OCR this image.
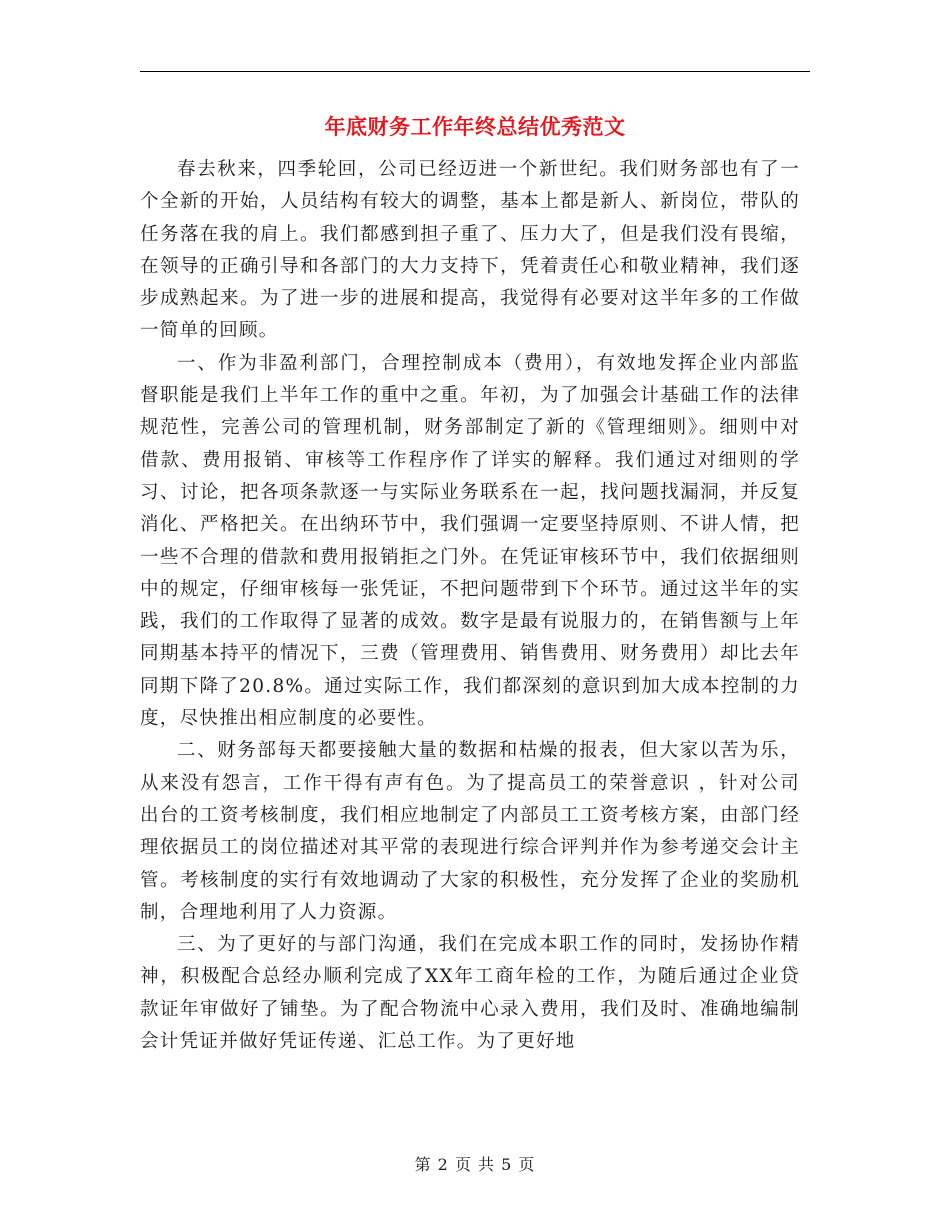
年底财务工作年终总结优秀范文

春去秋来，四季轮回，公司已经迈进一个新世纪。我们财务部也有了一个全新的开始，人员结构有较大的调整，基本上都是新人、新岗位，带队的任务落在我的肩上。我们都感到担子重了、压力大了，但是我们没有畏缩，在领导的正确引导和各部门的大力支持下，凭着责任心和敬业精神，我们逐步成熟起来。为了进一步的进展和提高，我觉得有必要对这半年多的工作做一简单的回顾。

一、作为非盈利部门，合理控制成本（费用），有效地发挥企业内部监督职能是我们上半年工作的重中之重。年初，为了加强会计基础工作的法律规范性，完善公司的管理机制，财务部制定了新的《管理细则》。细则中对借款、费用报销、审核等工作程序作了详实的解释。我们通过对细则的学习、讨论，把各项条款逐一与实际业务联系在一起，找问题找漏洞，并反复消化、严格把关。在出纳环节中，我们强调一定要坚持原则、不讲人情，把一些不合理的借款和费用报销拒之门外。在凭证审核环节中，我们依据细则中的规定，仔细审核每一张凭证，不把问题带到下个环节。通过这半年的实践，我们的工作取得了显著的成效。数字是最有说服力的，在销售额与上年同期基本持平的情况下，三费（管理费用、销售费用、财务费用）却比去年同期下降了20.8%。通过实际工作，我们都深刻的意识到加大成本控制的力度，尽快推出相应制度的必要性。

二、财务部每天都要接触大量的数据和枯燥的报表，但大家以苦为乐，从来没有怨言，工作干得有声有色。为了提高员工的荣誉意识 ，针对公司出台的工资考核制度，我们相应地制定了内部员工工资考核方案，由部门经理依据员工的岗位描述对其平常的表现进行综合评判并作为参考递交会计主管。考核制度的实行有效地调动了大家的积极性，充分发挥了企业的奖励机制，合理地利用了人力资源。

三、为了更好的与部门沟通，我们在完成本职工作的同时，发扬协作精神，积极配合总经办顺利完成了XX年工商年检的工作，为随后通过企业贷款证年审做好了铺垫。为了配合物流中心录入费用，我们及时、准确地编制会计凭证并做好凭证传递、汇总工作。为了更好地

第 2 页 共 5 页
